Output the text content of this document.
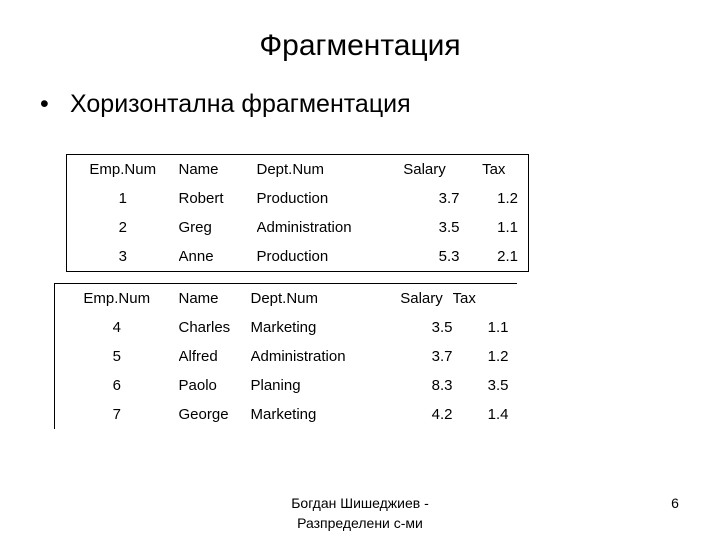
Фрагментация
• Хоризонтална фрагментация
Emp.Num	Name	Dept.Num	Salary	Tax
1	Robert	Production	3.7	1.2
2	Greg	Administration	3.5	1.1
3	Anne	Production	5.3	2.1
Emp.Num	Name	Dept.Num	Salary	Tax
4	Charles	Marketing	3.5	1.1
5	Alfred	Administration	3.7	1.2
6	Paolo	Planing	8.3	3.5
7	George	Marketing	4.2	1.4
Богдан Шишеджиев -
Разпределени с-ми
6
